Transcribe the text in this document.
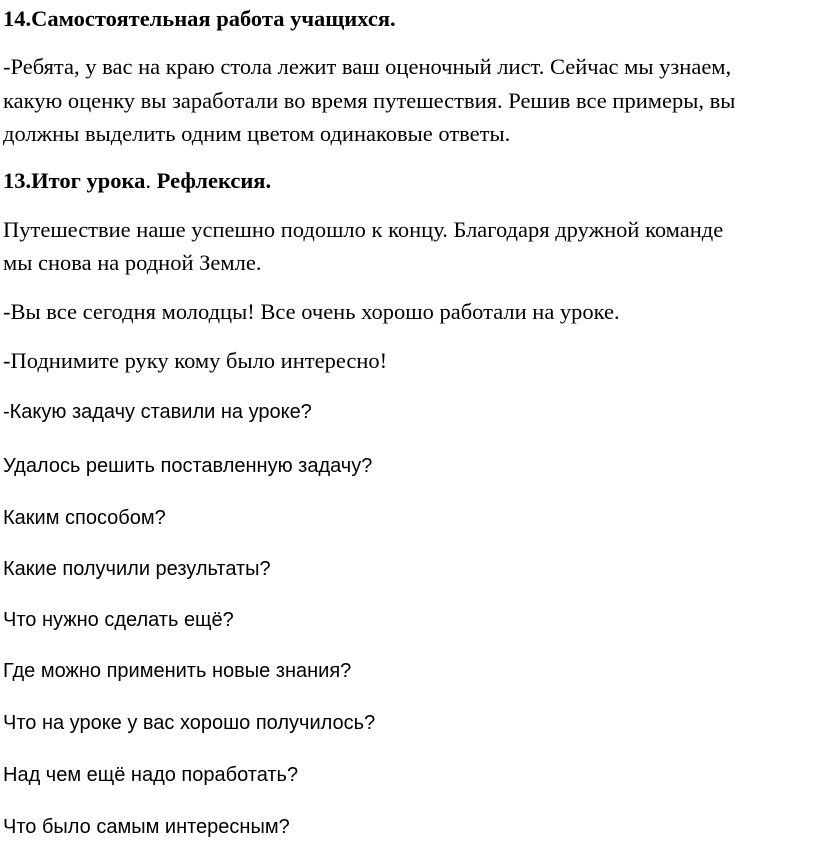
14.Самостоятельная работа учащихся.

-Ребята, у вас на краю стола лежит ваш оценочный лист. Сейчас мы узнаем,

какую оценку вы заработали во время путешествия. Решив все примеры, вы

должны выделить одним цветом одинаковые ответы.

13.Итог урока. Рефлексия.

Путешествие наше успешно подошло к концу. Благодаря дружной команде

мы снова на родной Земле.

-Вы все сегодня молодцы! Все очень хорошо работали на уроке.

-Поднимите руку кому было интересно!

-Какую задачу ставили на уроке?

Удалось решить поставленную задачу?

Каким способом?

Какие получили результаты?

Что нужно сделать ещё?

Где можно применить новые знания?

Что на уроке у вас хорошо получилось?

Над чем ещё надо поработать?

Что было самым интересным?
